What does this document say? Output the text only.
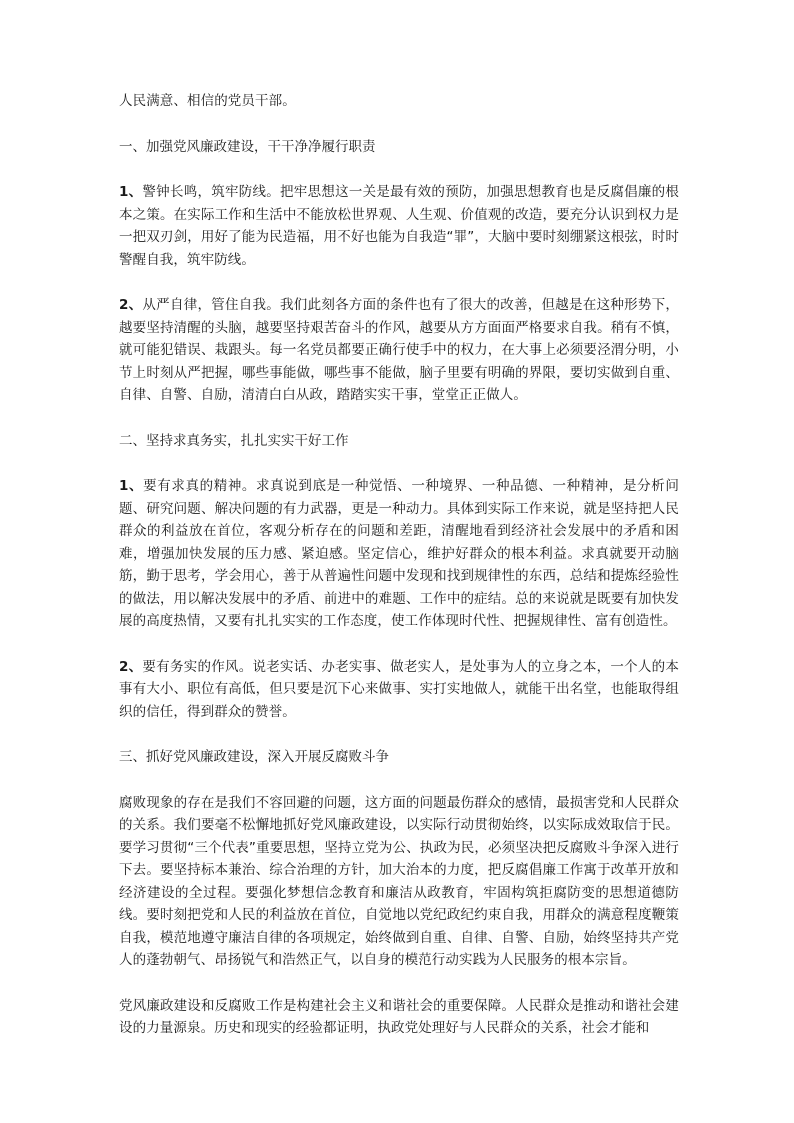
人民满意、相信的党员干部。

一、加强党风廉政建设，干干净净履行职责

1、警钟长鸣，筑牢防线。把牢思想这一关是最有效的预防，加强思想教育也是反腐倡廉的根本之策。在实际工作和生活中不能放松世界观、人生观、价值观的改造，要充分认识到权力是一把双刃剑，用好了能为民造福，用不好也能为自我造“罪”，大脑中要时刻绷紧这根弦，时时警醒自我，筑牢防线。

2、从严自律，管住自我。我们此刻各方面的条件也有了很大的改善，但越是在这种形势下，越要坚持清醒的头脑，越要坚持艰苦奋斗的作风，越要从方方面面严格要求自我。稍有不慎，就可能犯错误、栽跟头。每一名党员都要正确行使手中的权力，在大事上必须要泾渭分明，小节上时刻从严把握，哪些事能做，哪些事不能做，脑子里要有明确的界限，要切实做到自重、自律、自警、自励，清清白白从政，踏踏实实干事，堂堂正正做人。

二、坚持求真务实，扎扎实实干好工作

1、要有求真的精神。求真说到底是一种觉悟、一种境界、一种品德、一种精神，是分析问题、研究问题、解决问题的有力武器，更是一种动力。具体到实际工作来说，就是坚持把人民群众的利益放在首位，客观分析存在的问题和差距，清醒地看到经济社会发展中的矛盾和困难，增强加快发展的压力感、紧迫感。坚定信心，维护好群众的根本利益。求真就要开动脑筋，勤于思考，学会用心，善于从普遍性问题中发现和找到规律性的东西，总结和提炼经验性的做法，用以解决发展中的矛盾、前进中的难题、工作中的症结。总的来说就是既要有加快发展的高度热情，又要有扎扎实实的工作态度，使工作体现时代性、把握规律性、富有创造性。

2、要有务实的作风。说老实话、办老实事、做老实人，是处事为人的立身之本，一个人的本事有大小、职位有高低，但只要是沉下心来做事、实打实地做人，就能干出名堂，也能取得组织的信任，得到群众的赞誉。

三、抓好党风廉政建设，深入开展反腐败斗争

腐败现象的存在是我们不容回避的问题，这方面的问题最伤群众的感情，最损害党和人民群众的关系。我们要毫不松懈地抓好党风廉政建设，以实际行动贯彻始终，以实际成效取信于民。要学习贯彻“三个代表”重要思想，坚持立党为公、执政为民，必须坚决把反腐败斗争深入进行下去。要坚持标本兼治、综合治理的方针，加大治本的力度，把反腐倡廉工作寓于改革开放和经济建设的全过程。要强化梦想信念教育和廉洁从政教育，牢固构筑拒腐防变的思想道德防线。要时刻把党和人民的利益放在首位，自觉地以党纪政纪约束自我，用群众的满意程度鞭策自我，模范地遵守廉洁自律的各项规定，始终做到自重、自律、自警、自励，始终坚持共产党人的蓬勃朝气、昂扬锐气和浩然正气，以自身的模范行动实践为人民服务的根本宗旨。

党风廉政建设和反腐败工作是构建社会主义和谐社会的重要保障。人民群众是推动和谐社会建设的力量源泉。历史和现实的经验都证明，执政党处理好与人民群众的关系，社会才能和
